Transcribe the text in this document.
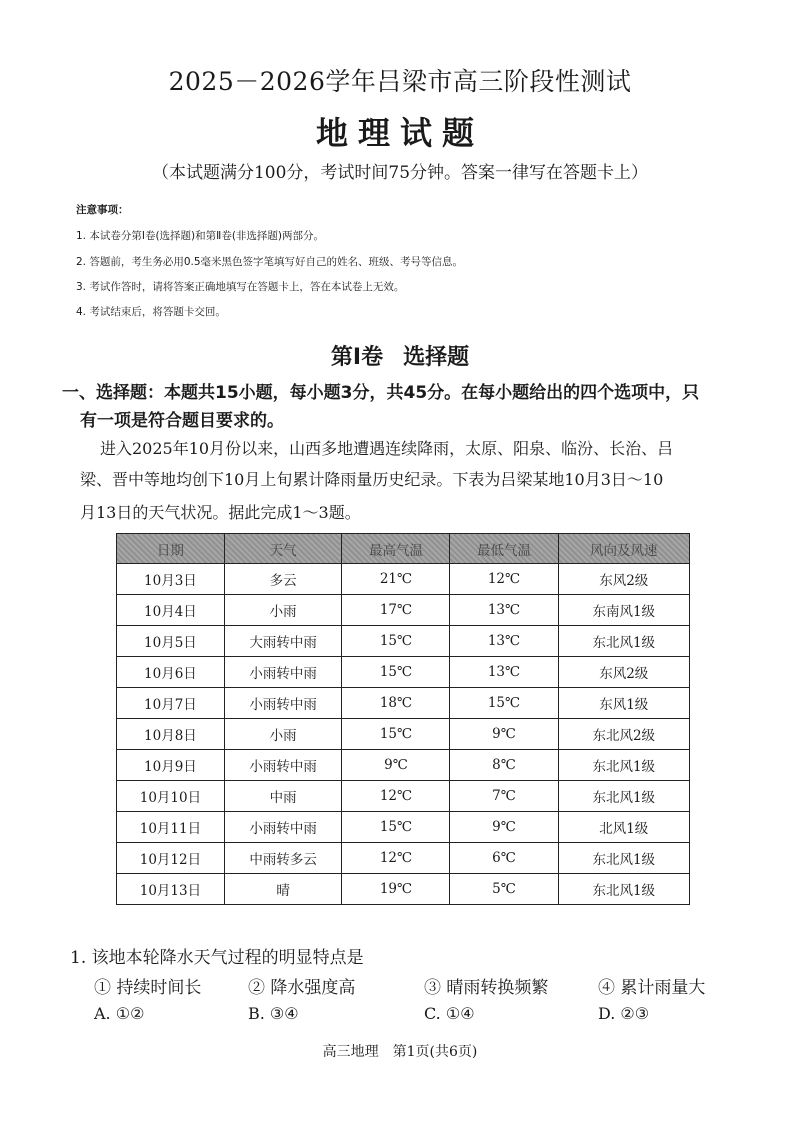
2025－2026学年吕梁市高三阶段性测试
地理试题
（本试题满分100分，考试时间75分钟。答案一律写在答题卡上）
注意事项：
1. 本试卷分第Ⅰ卷(选择题)和第Ⅱ卷(非选择题)两部分。
2. 答题前，考生务必用0.5毫米黑色签字笔填写好自己的姓名、班级、考号等信息。
3. 考试作答时，请将答案正确地填写在答题卡上，答在本试卷上无效。
4. 考试结束后，将答题卡交回。
第Ⅰ卷 选择题
一、选择题：本题共15小题，每小题3分，共45分。在每小题给出的四个选项中，只
有一项是符合题目要求的。
进入2025年10月份以来，山西多地遭遇连续降雨，太原、阳泉、临汾、长治、吕
梁、晋中等地均创下10月上旬累计降雨量历史纪录。下表为吕梁某地10月3日～10
月13日的天气状况。据此完成1～3题。
日期	天气	最高气温	最低气温	风向及风速
10月3日	多云	21℃	12℃	东风2级
10月4日	小雨	17℃	13℃	东南风1级
10月5日	大雨转中雨	15℃	13℃	东北风1级
10月6日	小雨转中雨	15℃	13℃	东风2级
10月7日	小雨转中雨	18℃	15℃	东风1级
10月8日	小雨	15℃	9℃	东北风2级
10月9日	小雨转中雨	9℃	8℃	东北风1级
10月10日	中雨	12℃	7℃	东北风1级
10月11日	小雨转中雨	15℃	9℃	北风1级
10月12日	中雨转多云	12℃	6℃	东北风1级
10月13日	晴	19℃	5℃	东北风1级
1. 该地本轮降水天气过程的明显特点是
① 持续时间长	② 降水强度高	③ 晴雨转换频繁	④ 累计雨量大
A. ①②	B. ③④	C. ①④	D. ②③
高三地理 第1页(共6页)
